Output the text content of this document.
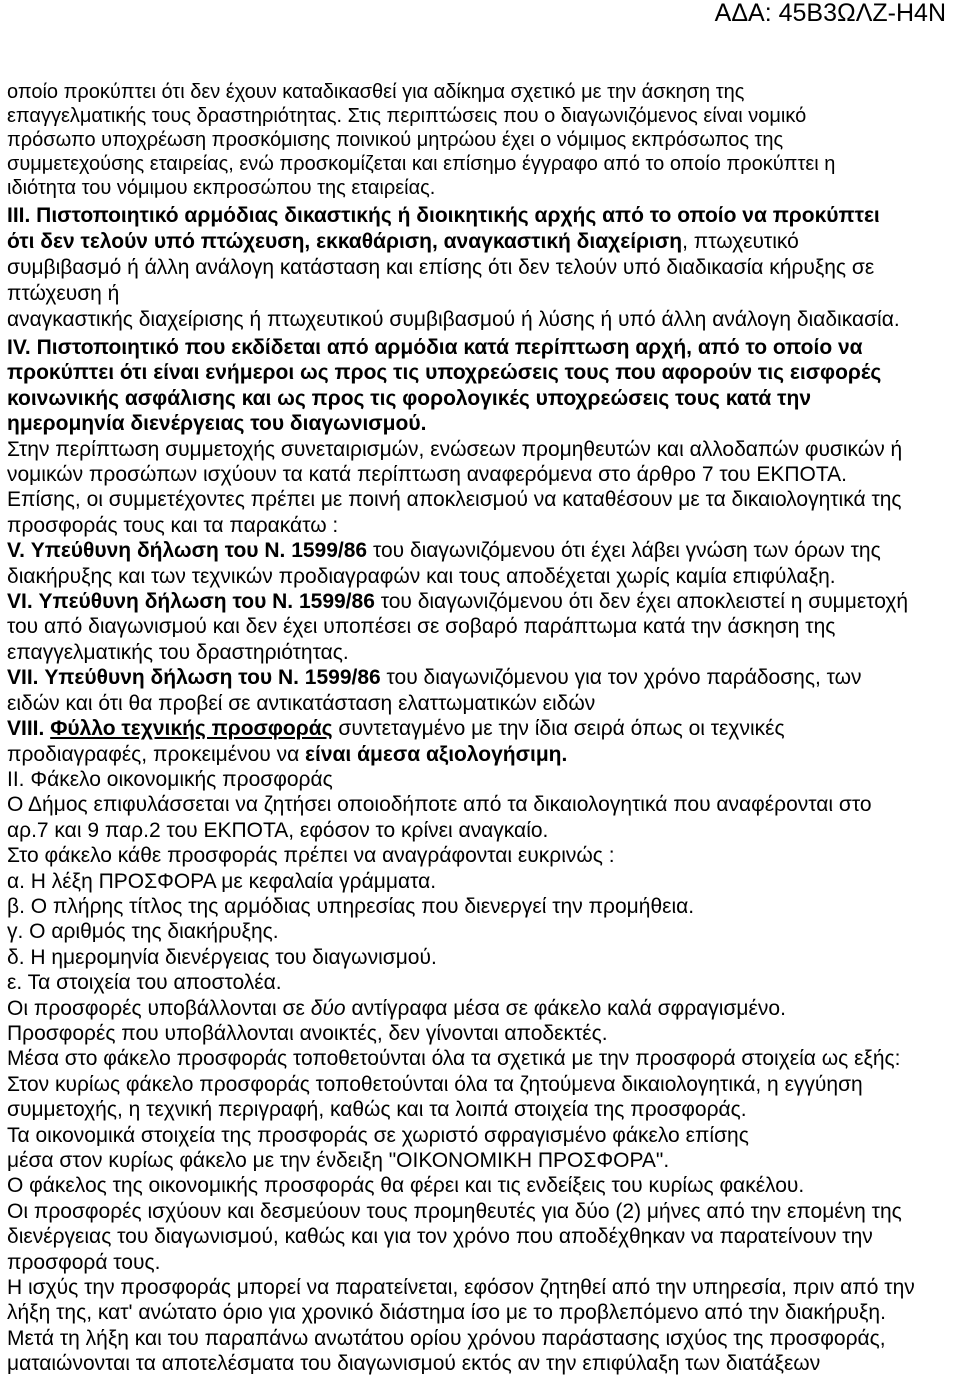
ΑΔΑ: 45Β3ΩΛΖ-Η4Ν
οποίο προκύπτει ότι δεν έχουν καταδικασθεί για αδίκημα σχετικό με την άσκηση της
επαγγελματικής τους δραστηριότητας. Στις περιπτώσεις που ο διαγωνιζόμενος είναι νομικό
πρόσωπο υποχρέωση προσκόμισης ποινικού μητρώου έχει ο νόμιμος εκπρόσωπος της
συμμετεχούσης εταιρείας, ενώ προσκομίζεται και επίσημο έγγραφο από το οποίο προκύπτει η
ιδιότητα του νόμιμου εκπροσώπου της εταιρείας.
III. Πιστοποιητικό αρμόδιας δικαστικής ή διοικητικής αρχής από το οποίο να προκύπτει
ότι δεν τελούν υπό πτώχευση, εκκαθάριση, αναγκαστική διαχείριση, πτωχευτικό
συμβιβασμό ή άλλη ανάλογη κατάσταση και επίσης ότι δεν τελούν υπό διαδικασία κήρυξης σε
πτώχευση ή
αναγκαστικής διαχείρισης ή πτωχευτικού συμβιβασμού ή λύσης ή υπό άλλη ανάλογη διαδικασία.
IV. Πιστοποιητικό που εκδίδεται από αρμόδια κατά περίπτωση αρχή, από το οποίο να
προκύπτει ότι είναι ενήμεροι ως προς τις υποχρεώσεις τους που αφορούν τις εισφορές
κοινωνικής ασφάλισης και ως προς τις φορολογικές υποχρεώσεις τους κατά την
ημερομηνία διενέργειας του διαγωνισμού.
Στην περίπτωση συμμετοχής συνεταιρισμών, ενώσεων προμηθευτών και αλλοδαπών φυσικών ή
νομικών προσώπων ισχύουν τα κατά περίπτωση αναφερόμενα στο άρθρο 7 του ΕΚΠΟΤΑ.
Επίσης, οι συμμετέχοντες πρέπει με ποινή αποκλεισμού να καταθέσουν με τα δικαιολογητικά της
προσφοράς τους και τα παρακάτω :
V. Υπεύθυνη δήλωση του Ν. 1599/86 του διαγωνιζόμενου ότι έχει λάβει γνώση των όρων της
διακήρυξης και των τεχνικών προδιαγραφών και τους αποδέχεται χωρίς καμία επιφύλαξη.
VI. Υπεύθυνη δήλωση του Ν. 1599/86 του διαγωνιζόμενου ότι δεν έχει αποκλειστεί η συμμετοχή
του από διαγωνισμού και δεν έχει υποπέσει σε σοβαρό παράπτωμα κατά την άσκηση της
επαγγελματικής του δραστηριότητας.
VII. Υπεύθυνη δήλωση του Ν. 1599/86 του διαγωνιζόμενου για τον χρόνο παράδοσης, των
ειδών και ότι θα προβεί σε αντικατάσταση ελαττωματικών ειδών
VIII. Φύλλο τεχνικής προσφοράς συντεταγμένο με την ίδια σειρά όπως οι τεχνικές
προδιαγραφές, προκειμένου να είναι άμεσα αξιολογήσιμη.
II. Φάκελο οικονομικής προσφοράς
Ο Δήμος επιφυλάσσεται να ζητήσει οποιοδήποτε από τα δικαιολογητικά που αναφέρονται στο
αρ.7 και 9 παρ.2 του ΕΚΠΟΤΑ, εφόσον το κρίνει αναγκαίο.
Στο φάκελο κάθε προσφοράς πρέπει να αναγράφονται ευκρινώς :
α. Η λέξη ΠΡΟΣΦΟΡΑ με κεφαλαία γράμματα.
β. Ο πλήρης τίτλος της αρμόδιας υπηρεσίας που διενεργεί την προμήθεια.
γ. Ο αριθμός της διακήρυξης.
δ. Η ημερομηνία διενέργειας του διαγωνισμού.
ε. Τα στοιχεία του αποστολέα.
Οι προσφορές υποβάλλονται σε δύο αντίγραφα μέσα σε φάκελο καλά σφραγισμένο.
Προσφορές που υποβάλλονται ανοικτές, δεν γίνονται αποδεκτές.
Μέσα στο φάκελο προσφοράς τοποθετούνται όλα τα σχετικά με την προσφορά στοιχεία ως εξής:
Στον κυρίως φάκελο προσφοράς τοποθετούνται όλα τα ζητούμενα δικαιολογητικά, η εγγύηση
συμμετοχής, η τεχνική περιγραφή, καθώς και τα λοιπά στοιχεία της προσφοράς.
Τα οικονομικά στοιχεία της προσφοράς σε χωριστό σφραγισμένο φάκελο επίσης
μέσα στον κυρίως φάκελο με την ένδειξη "ΟΙΚΟΝΟΜΙΚΗ ΠΡΟΣΦΟΡΑ".
Ο φάκελος της οικονομικής προσφοράς θα φέρει και τις ενδείξεις του κυρίως φακέλου.
Οι προσφορές ισχύουν και δεσμεύουν τους προμηθευτές για δύο (2) μήνες από την επομένη της
διενέργειας του διαγωνισμού, καθώς και για τον χρόνο που αποδέχθηκαν να παρατείνουν την
προσφορά τους.
Η ισχύς την προσφοράς μπορεί να παρατείνεται, εφόσον ζητηθεί από την υπηρεσία, πριν από την
λήξη της, κατ' ανώτατο όριο για χρονικό διάστημα ίσο με το προβλεπόμενο από την διακήρυξη.
Μετά τη λήξη και του παραπάνω ανωτάτου ορίου χρόνου παράστασης ισχύος της προσφοράς,
ματαιώνονται τα αποτελέσματα του διαγωνισμού εκτός αν την επιφύλαξη των διατάξεων
